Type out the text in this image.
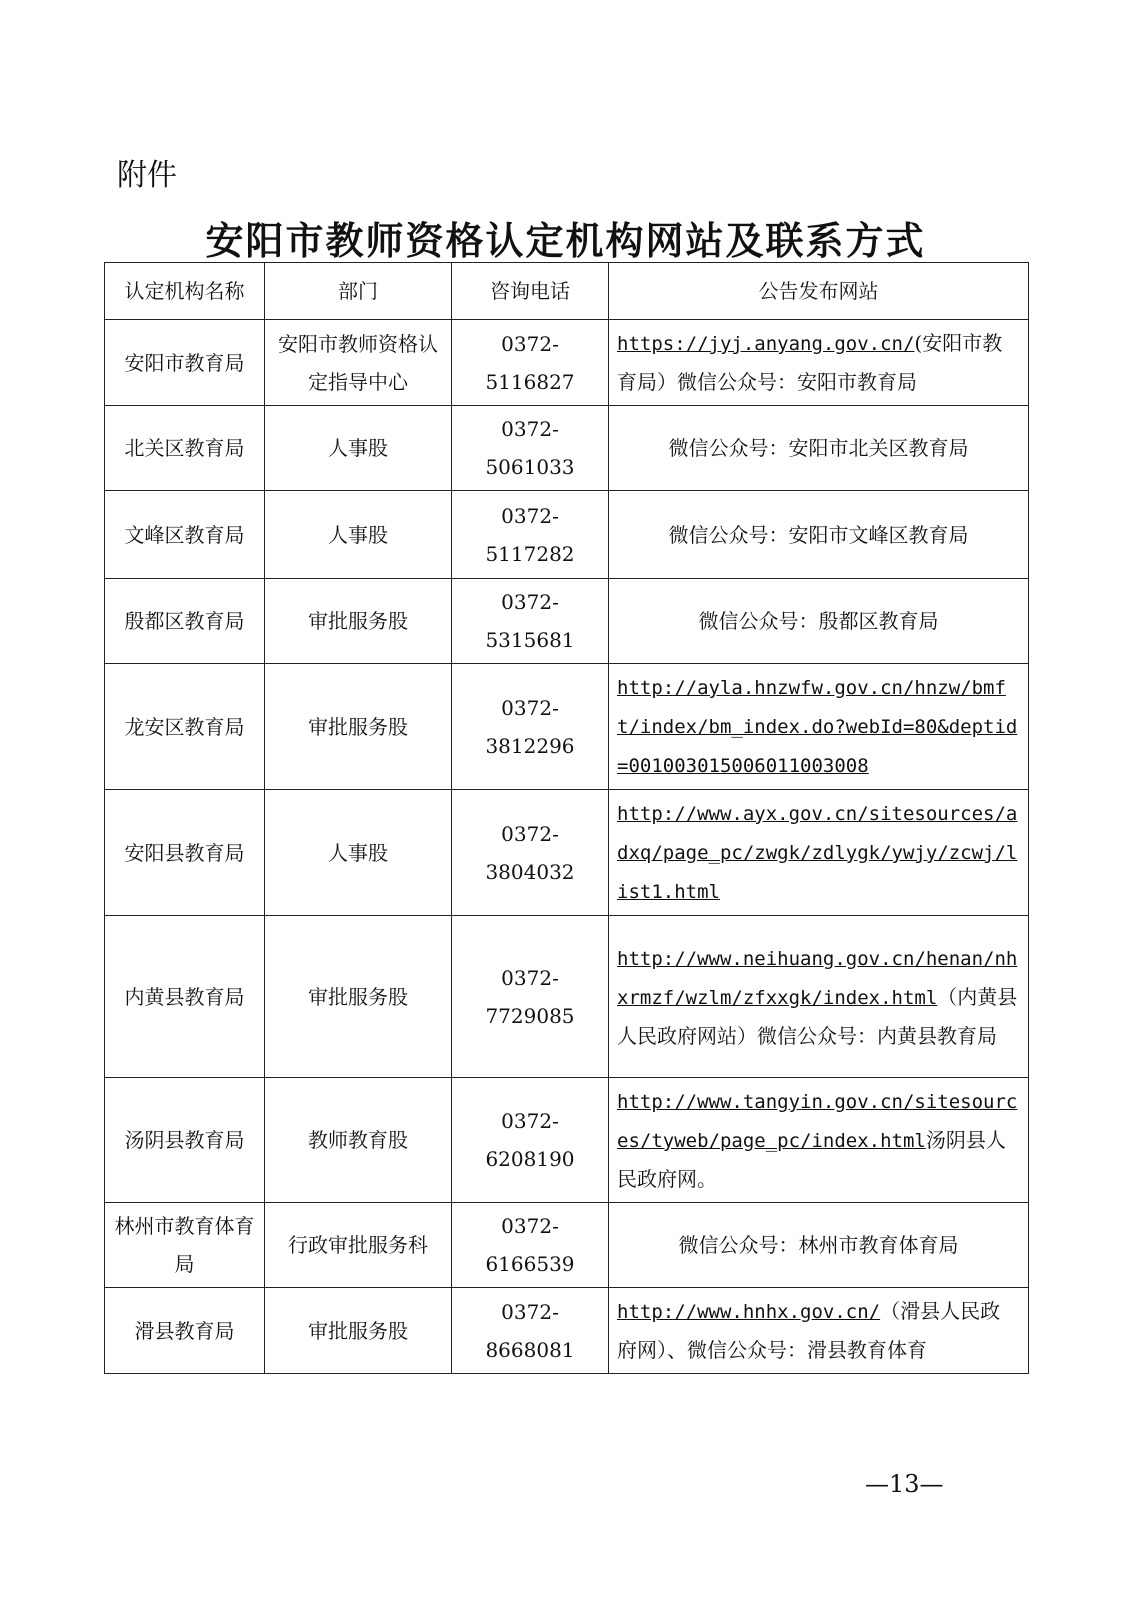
附件
安阳市教师资格认定机构网站及联系方式
认定机构名称	部门	咨询电话	公告发布网站
安阳市教育局	安阳市教师资格认定指导中心	0372-5116827	https://jyj.anyang.gov.cn/(安阳市教育局）微信公众号：安阳市教育局
北关区教育局	人事股	0372-5061033	微信公众号：安阳市北关区教育局
文峰区教育局	人事股	0372-5117282	微信公众号：安阳市文峰区教育局
殷都区教育局	审批服务股	0372-5315681	微信公众号：殷都区教育局
龙安区教育局	审批服务股	0372-3812296	http://ayla.hnzwfw.gov.cn/hnzw/bmft/index/bm_index.do?webId=80&deptid=001003015006011003008
安阳县教育局	人事股	0372-3804032	http://www.ayx.gov.cn/sitesources/adxq/page_pc/zwgk/zdlygk/ywjy/zcwj/list1.html
内黄县教育局	审批服务股	0372-7729085	http://www.neihuang.gov.cn/henan/nhxrmzf/wzlm/zfxxgk/index.html（内黄县人民政府网站）微信公众号：内黄县教育局
汤阴县教育局	教师教育股	0372-6208190	http://www.tangyin.gov.cn/sitesources/tyweb/page_pc/index.html汤阴县人民政府网。
林州市教育体育局	行政审批服务科	0372-6166539	微信公众号：林州市教育体育局
滑县教育局	审批服务股	0372-8668081	http://www.hnhx.gov.cn/（滑县人民政府网）、微信公众号：滑县教育体育
—13—
